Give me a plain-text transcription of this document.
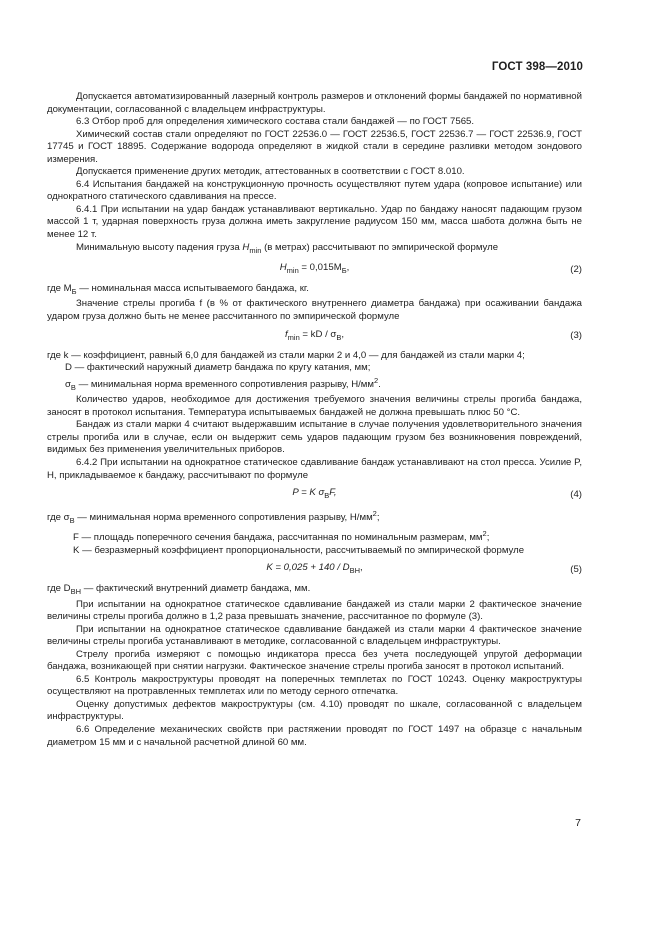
ГОСТ 398—2010
Допускается автоматизированный лазерный контроль размеров и отклонений формы бандажей по нормативной документации, согласованной с владельцем инфраструктуры.
6.3 Отбор проб для определения химического состава стали бандажей — по ГОСТ 7565.
Химический состав стали определяют по ГОСТ 22536.0 — ГОСТ 22536.5, ГОСТ 22536.7 — ГОСТ 22536.9, ГОСТ 17745 и ГОСТ 18895. Содержание водорода определяют в жидкой стали в середине разливки методом зондового измерения.
Допускается применение других методик, аттестованных в соответствии с ГОСТ 8.010.
6.4 Испытания бандажей на конструкционную прочность осуществляют путем удара (копровое испытание) или однократного статического сдавливания на прессе.
6.4.1 При испытании на удар бандаж устанавливают вертикально. Удар по бандажу наносят падающим грузом массой 1 т, ударная поверхность груза должна иметь закругление радиусом 150 мм, масса шабота должна быть не менее 12 т.
Минимальную высоту падения груза $H_{min}$ (в метрах) рассчитывают по эмпирической формуле
$H_{min} = 0,015M_Б$,	(2)
где $M_Б$ — номинальная масса испытываемого бандажа, кг.
Значение стрелы прогиба f (в % от фактического внутреннего диаметра бандажа) при осаживании бандажа ударом груза должно быть не менее рассчитанного по эмпирической формуле
$f_{min}$ = kD / $\sigma_В$,	(3)
где k — коэффициент, равный 6,0 для бандажей из стали марки 2 и 4,0 — для бандажей из стали марки 4;
D — фактический наружный диаметр бандажа по кругу катания, мм;
$\sigma_В$ — минимальная норма временного сопротивления разрыву, $Н/мм^2$.
Количество ударов, необходимое для достижения требуемого значения величины стрелы прогиба бандажа, заносят в протокол испытания. Температура испытываемых бандажей не должна превышать плюс 50 °C.
Бандаж из стали марки 4 считают выдержавшим испытание в случае получения удовлетворительного значения стрелы прогиба или в случае, если он выдержит семь ударов падающим грузом без возникновения повреждений, видимых без применения увеличительных приборов.
6.4.2 При испытании на однократное статическое сдавливание бандаж устанавливают на стол пресса. Усилие P, Н, прикладываемое к бандажу, рассчитывают по формуле
P = K $\sigma_ВF$,	(4)
где $\sigma_В$ — минимальная норма временного сопротивления разрыву, $Н/мм^2$;
F — площадь поперечного сечения бандажа, рассчитанная по номинальным размерам, $мм^2$;
K — безразмерный коэффициент пропорциональности, рассчитываемый по эмпирической формуле
$K = 0,025 + 140 / D_{ВН}$,	(5)
где $D_{ВН}$ — фактический внутренний диаметр бандажа, мм.
При испытании на однократное статическое сдавливание бандажей из стали марки 2 фактическое значение величины стрелы прогиба должно в 1,2 раза превышать значение, рассчитанное по формуле (3).
При испытании на однократное статическое сдавливание бандажей из стали марки 4 фактическое значение величины стрелы прогиба устанавливают в методике, согласованной с владельцем инфраструктуры.
Стрелу прогиба измеряют с помощью индикатора пресса без учета последующей упругой деформации бандажа, возникающей при снятии нагрузки. Фактическое значение стрелы прогиба заносят в протокол испытаний.
6.5 Контроль макроструктуры проводят на поперечных темплетах по ГОСТ 10243. Оценку макроструктуры осуществляют на протравленных темплетах или по методу серного отпечатка.
Оценку допустимых дефектов макроструктуры (см. 4.10) проводят по шкале, согласованной с владельцем инфраструктуры.
6.6 Определение механических свойств при растяжении проводят по ГОСТ 1497 на образце с начальным диаметром 15 мм и с начальной расчетной длиной 60 мм.
7
